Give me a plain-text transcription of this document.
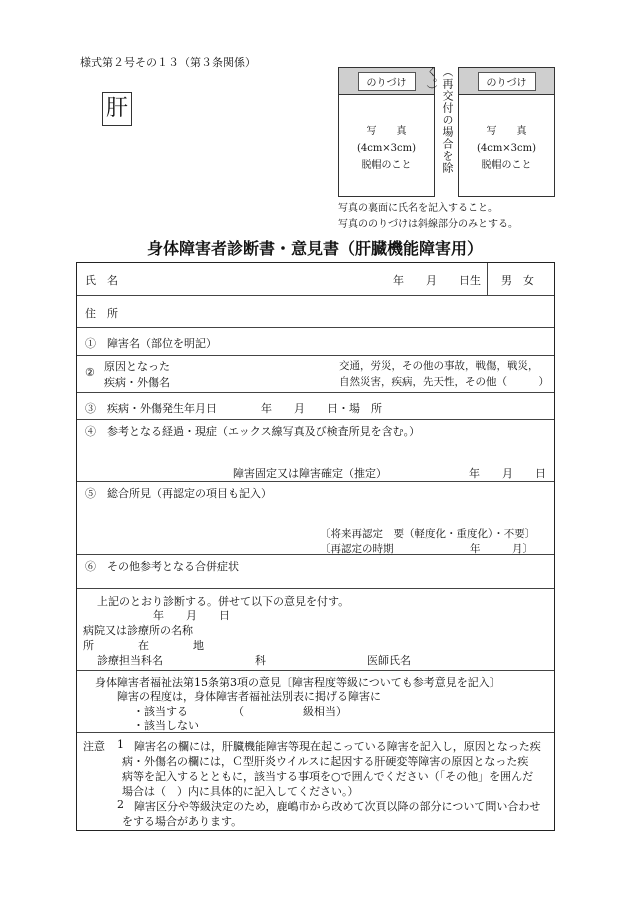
様式第２号その１３（第３条関係）
肝
のりづけ
写　　真
(4cm×3cm)
脱帽のこと	（再交付の場合を除く。）	のりづけ
写　　真
(4cm×3cm)
脱帽のこと
写真の裏面に氏名を記入すること。
写真ののりづけは斜線部分のみとする。
身体障害者診断書・意見書（肝臓機能障害用）
氏　名	年　　月　　日生 男　女
住　所
①　障害名（部位を明記）
② 原因となった
疾病・外傷名
交通，労災，その他の事故，戦傷，戦災，
自然災害，疾病，先天性，その他（　　　）
③　疾病・外傷発生年月日　　　　年　　月　　日・場　所
④　参考となる経過・現症（エックス線写真及び検査所見を含む。）
障害固定又は障害確定（推定）	年　　月　　日
⑤　総合所見（再認定の項目も記入）
〔将来再認定　要（軽度化・重度化）・不要〕
〔再認定の時期	年　　　月〕
⑥　その他参考となる合併症状
上記のとおり診断する。併せて以下の意見を付す。
年　　月　　日
病院又は診療所の名称
所　　　　在　　　　地
診療担当科名	科	医師氏名
身体障害者福祉法第15条第3項の意見〔障害程度等級についても参考意見を記入〕
障害の程度は，身体障害者福祉法別表に掲げる障害に
・該当する	（	級相当）
・該当しない
注意 1 障害名の欄には，肝臓機能障害等現在起こっている障害を記入し，原因となった疾
病・外傷名の欄には，Ｃ型肝炎ウイルスに起因する肝硬変等障害の原因となった疾
病等を記入するとともに，該当する事項を○で囲んでください（「その他」を囲んだ
場合は（　）内に具体的に記入してください。）
2 障害区分や等級決定のため，鹿嶋市から改めて次頁以降の部分について問い合わせ
をする場合があります。
